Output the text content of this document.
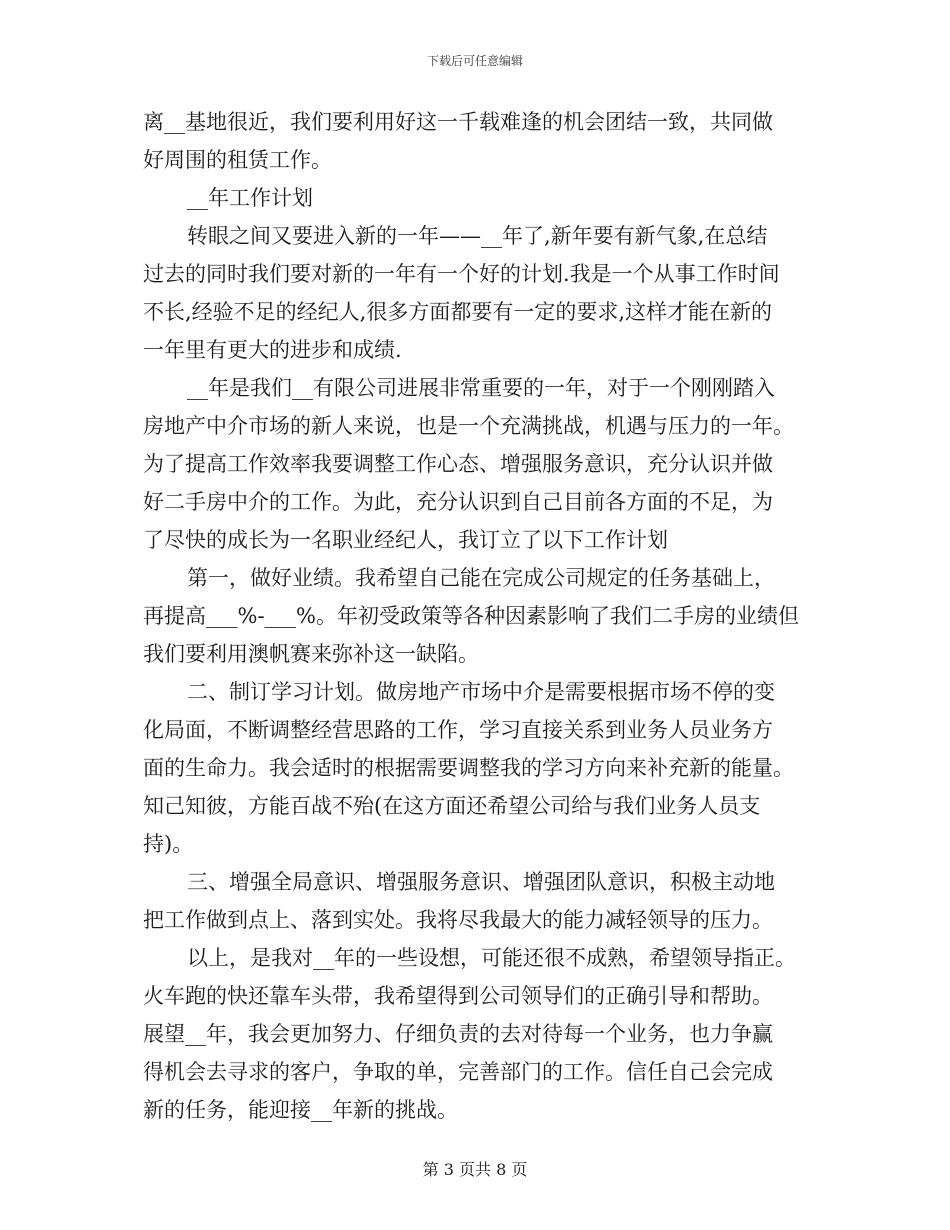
下载后可任意编辑
离__基地很近，我们要利用好这一千载难逢的机会团结一致，共同做
好周围的租赁工作。
__年工作计划
转眼之间又要进入新的一年——__年了,新年要有新气象,在总结
过去的同时我们要对新的一年有一个好的计划.我是一个从事工作时间
不长,经验不足的经纪人,很多方面都要有一定的要求,这样才能在新的
一年里有更大的进步和成绩.
__年是我们__有限公司进展非常重要的一年，对于一个刚刚踏入
房地产中介市场的新人来说，也是一个充满挑战，机遇与压力的一年。
为了提高工作效率我要调整工作心态、增强服务意识，充分认识并做
好二手房中介的工作。为此，充分认识到自己目前各方面的不足，为
了尽快的成长为一名职业经纪人，我订立了以下工作计划
第一，做好业绩。我希望自己能在完成公司规定的任务基础上，
再提高___%-___%。年初受政策等各种因素影响了我们二手房的业绩但
我们要利用澳帆赛来弥补这一缺陷。
二、制订学习计划。做房地产市场中介是需要根据市场不停的变
化局面，不断调整经营思路的工作，学习直接关系到业务人员业务方
面的生命力。我会适时的根据需要调整我的学习方向来补充新的能量。
知己知彼，方能百战不殆(在这方面还希望公司给与我们业务人员支
持)。
三、增强全局意识、增强服务意识、增强团队意识，积极主动地
把工作做到点上、落到实处。我将尽我最大的能力减轻领导的压力。
以上，是我对__年的一些设想，可能还很不成熟，希望领导指正。
火车跑的快还靠车头带，我希望得到公司领导们的正确引导和帮助。
展望__年，我会更加努力、仔细负责的去对待每一个业务，也力争赢
得机会去寻求的客户，争取的单，完善部门的工作。信任自己会完成
新的任务，能迎接__年新的挑战。
第 3 页共 8 页
